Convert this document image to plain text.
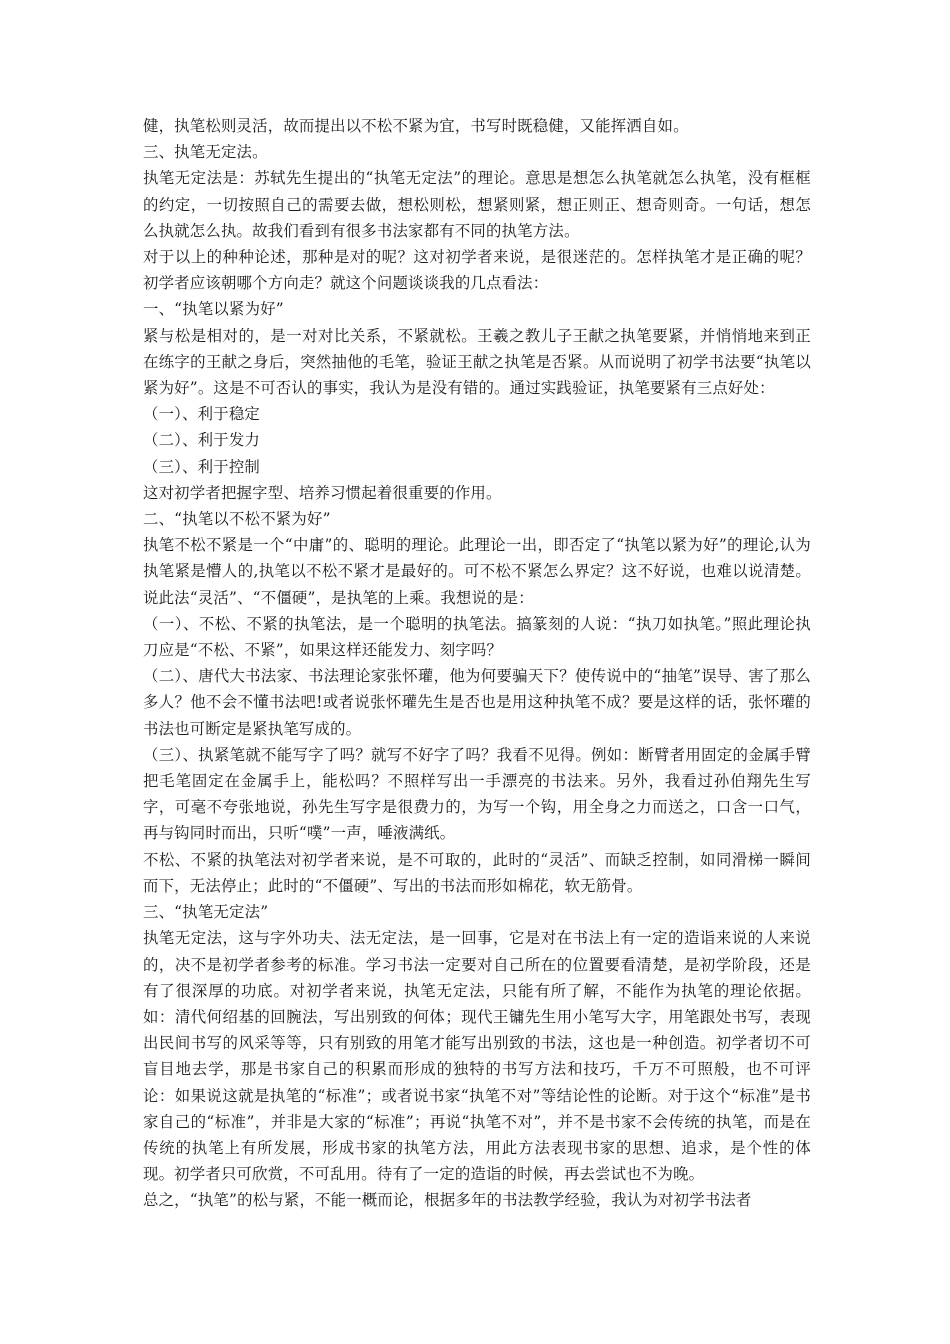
健，执笔松则灵活，故而提出以不松不紧为宜，书写时既稳健，又能挥洒自如。

三、执笔无定法。

执笔无定法是：苏轼先生提出的“执笔无定法”的理论。意思是想怎么执笔就怎么执笔，没有框框的约定，一切按照自己的需要去做，想松则松，想紧则紧，想正则正、想奇则奇。一句话，想怎么执就怎么执。故我们看到有很多书法家都有不同的执笔方法。

对于以上的种种论述，那种是对的呢？这对初学者来说，是很迷茫的。怎样执笔才是正确的呢？初学者应该朝哪个方向走？就这个问题谈谈我的几点看法：

一、“执笔以紧为好”

紧与松是相对的，是一对对比关系，不紧就松。王羲之教儿子王献之执笔要紧，并悄悄地来到正在练字的王献之身后，突然抽他的毛笔，验证王献之执笔是否紧。从而说明了初学书法要“执笔以紧为好”。这是不可否认的事实，我认为是没有错的。通过实践验证，执笔要紧有三点好处：

（一）、利于稳定

（二）、利于发力

（三）、利于控制

这对初学者把握字型、培养习惯起着很重要的作用。

二、“执笔以不松不紧为好”

执笔不松不紧是一个“中庸”的、聪明的理论。此理论一出，即否定了“执笔以紧为好”的理论,认为执笔紧是懵人的,执笔以不松不紧才是最好的。可不松不紧怎么界定？这不好说，也难以说清楚。说此法“灵活”、“不僵硬”，是执笔的上乘。我想说的是：

（一）、不松、不紧的执笔法，是一个聪明的执笔法。搞篆刻的人说：“执刀如执笔。”照此理论执刀应是“不松、不紧”，如果这样还能发力、刻字吗？

（二）、唐代大书法家、书法理论家张怀瓘，他为何要骗天下？使传说中的“抽笔”误导、害了那么多人？他不会不懂书法吧!或者说张怀瓘先生是否也是用这种执笔不成？要是这样的话，张怀瓘的书法也可断定是紧执笔写成的。

（三）、执紧笔就不能写字了吗？就写不好字了吗？我看不见得。例如：断臂者用固定的金属手臂把毛笔固定在金属手上，能松吗？不照样写出一手漂亮的书法来。另外，我看过孙伯翔先生写字，可毫不夸张地说，孙先生写字是很费力的，为写一个钩，用全身之力而送之，口含一口气，再与钩同时而出，只听“噗”一声，唾液满纸。

不松、不紧的执笔法对初学者来说，是不可取的，此时的“灵活”、而缺乏控制，如同滑梯一瞬间而下，无法停止；此时的“不僵硬”、写出的书法而形如棉花，软无筋骨。

三、“执笔无定法”

执笔无定法，这与字外功夫、法无定法，是一回事，它是对在书法上有一定的造诣来说的人来说的，决不是初学者参考的标准。学习书法一定要对自己所在的位置要看清楚，是初学阶段，还是有了很深厚的功底。对初学者来说，执笔无定法，只能有所了解，不能作为执笔的理论依据。如：清代何绍基的回腕法，写出别致的何体；现代王镛先生用小笔写大字，用笔跟处书写，表现出民间书写的风采等等，只有别致的用笔才能写出别致的书法，这也是一种创造。初学者切不可盲目地去学，那是书家自己的积累而形成的独特的书写方法和技巧，千万不可照般，也不可评论：如果说这就是执笔的“标准”；或者说书家“执笔不对”等结论性的论断。对于这个“标准”是书家自己的“标准”，并非是大家的“标准”；再说“执笔不对”，并不是书家不会传统的执笔，而是在传统的执笔上有所发展，形成书家的执笔方法，用此方法表现书家的思想、追求，是个性的体现。初学者只可欣赏，不可乱用。待有了一定的造诣的时候，再去尝试也不为晚。

总之，“执笔”的松与紧，不能一概而论，根据多年的书法教学经验，我认为对初学书法者
